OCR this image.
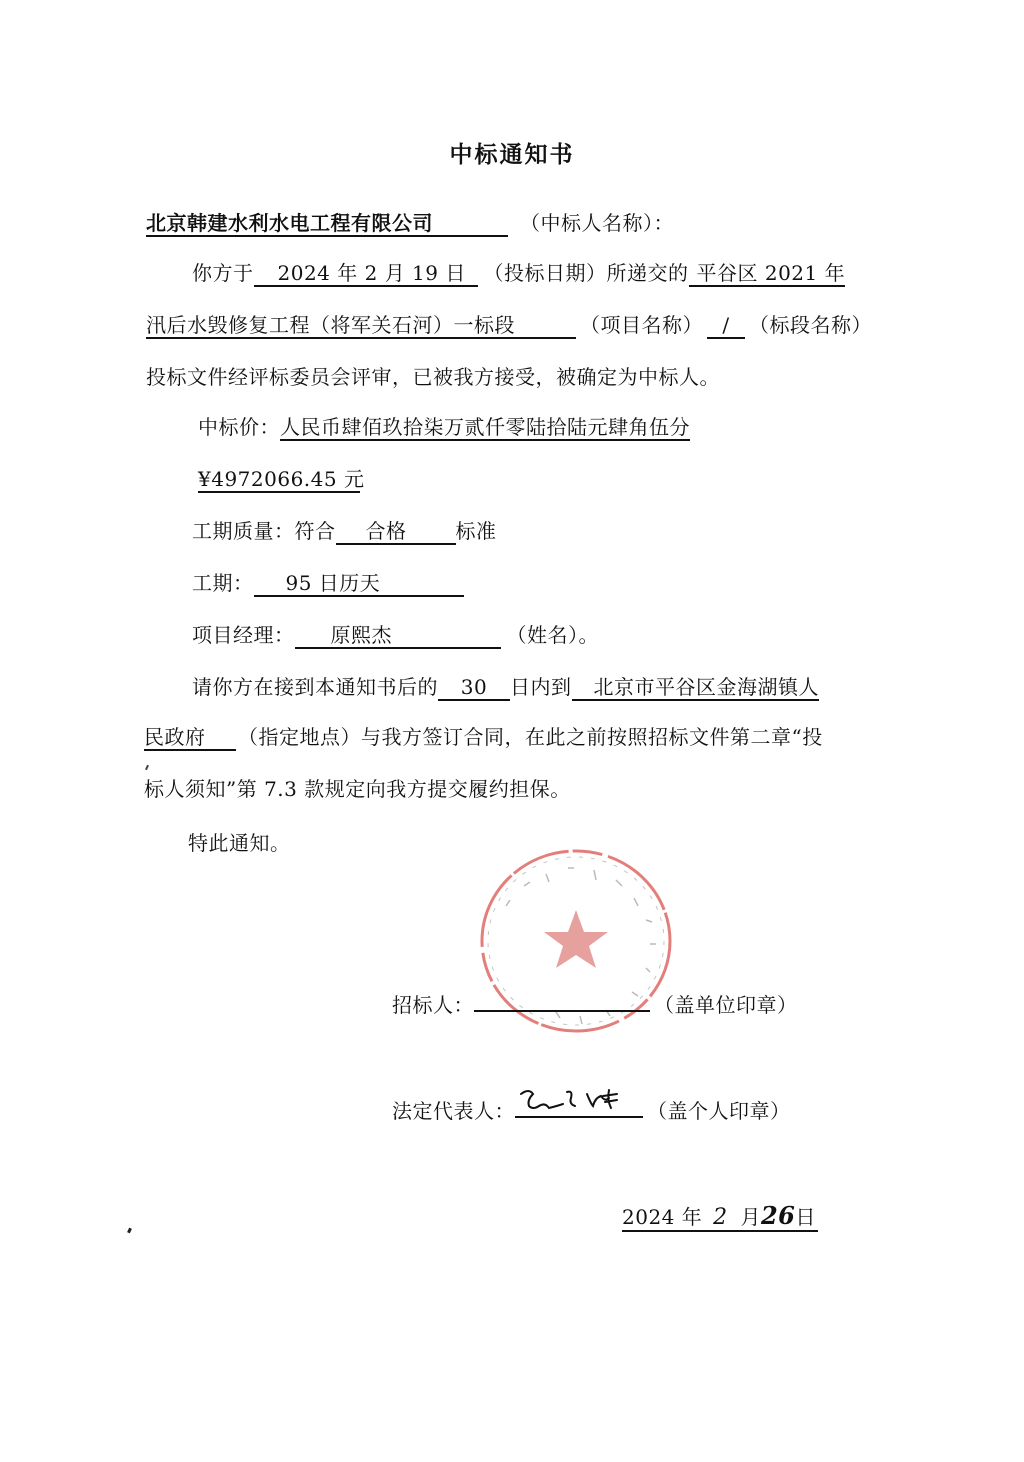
中标通知书
北京韩建水利水电工程有限公司	（中标人名称）：
你方于 2024 年 2 月 19 日 （投标日期）所递交的 平谷区 2021 年
汛后水毁修复工程（将军关石河）一标段	（项目名称） / （标段名称）
投标文件经评标委员会评审，已被我方接受，被确定为中标人。
中标价：人民币肆佰玖拾柒万贰仟零陆拾陆元肆角伍分
¥4972066.45 元
工期质量：符合 合格 标准
工期： 95 日历天
项目经理： 原熙杰	（姓名）。
请你方在接到本通知书后的 30 日内到 北京市平谷区金海湖镇人
民政府 （指定地点）与我方签订合同，在此之前按照招标文件第二章“投
标人须知”第 7.3 款规定向我方提交履约担保。
特此通知。
招标人：	（盖单位印章）
法定代表人：	（盖个人印章）
2024 年 2 月26日
